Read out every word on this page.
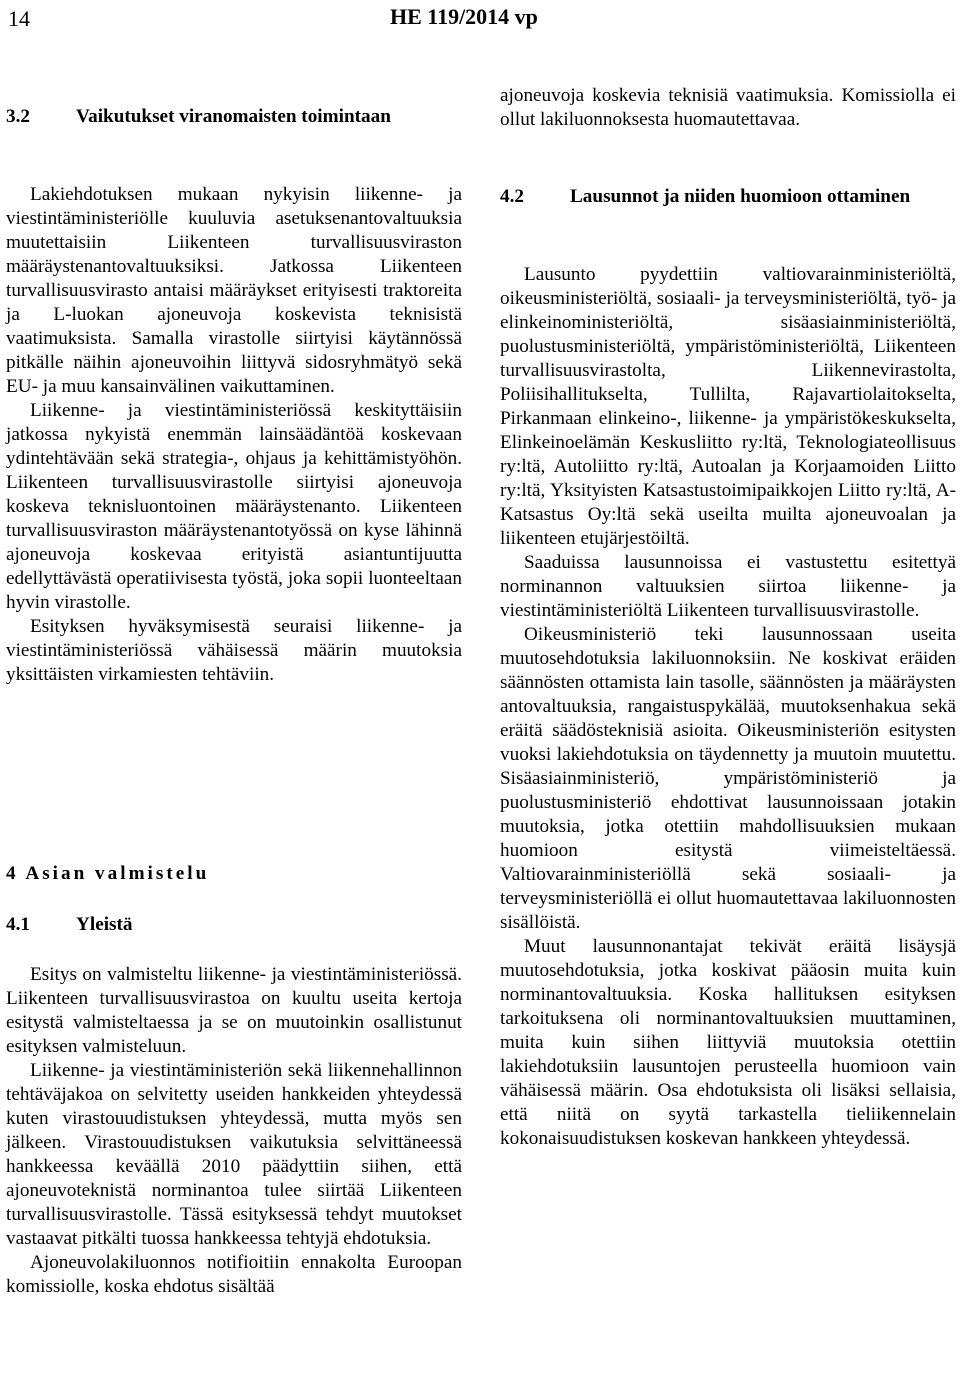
14	HE 119/2014 vp
3.2	Vaikutukset viranomaisten toimintaan

Lakiehdotuksen mukaan nykyisin liikenne- ja viestintäministeriölle kuuluvia asetuksenantovaltuuksia muutettaisiin Liikenteen turvallisuusviraston määräystenantovaltuuksiksi. Jatkossa Liikenteen turvallisuusvirasto antaisi määräykset erityisesti traktoreita ja L-luokan ajoneuvoja koskevista teknisistä vaatimuksista. Samalla virastolle siirtyisi käytännössä pitkälle näihin ajoneuvoihin liittyvä sidosryhmätyö sekä EU- ja muu kansainvälinen vaikuttaminen.

Liikenne- ja viestintäministeriössä keskityttäisiin jatkossa nykyistä enemmän lainsäädäntöä koskevaan ydintehtävään sekä strategia-, ohjaus ja kehittämistyöhön. Liikenteen turvallisuusvirastolle siirtyisi ajoneuvoja koskeva teknisluontoinen määräystenanto. Liikenteen turvallisuusviraston määräystenantotyössä on kyse lähinnä ajoneuvoja koskevaa erityistä asiantuntijuutta edellyttävästä operatiivisesta työstä, joka sopii luonteeltaan hyvin virastolle.

Esityksen hyväksymisestä seuraisi liikenne- ja viestintäministeriössä vähäisessä määrin muutoksia yksittäisten virkamiesten tehtäviin.

4 Asian valmistelu
4.1	Yleistä

Esitys on valmisteltu liikenne- ja viestintäministeriössä. Liikenteen turvallisuusvirastoa on kuultu useita kertoja esitystä valmisteltaessa ja se on muutoinkin osallistunut esityksen valmisteluun.

Liikenne- ja viestintäministeriön sekä liikennehallinnon tehtäväjakoa on selvitetty useiden hankkeiden yhteydessä kuten virastouudistuksen yhteydessä, mutta myös sen jälkeen. Virastouudistuksen vaikutuksia selvittäneessä hankkeessa keväällä 2010 päädyttiin siihen, että ajoneuvoteknistä norminantoa tulee siirtää Liikenteen turvallisuusvirastolle. Tässä esityksessä tehdyt muutokset vastaavat pitkälti tuossa hankkeessa tehtyjä ehdotuksia.

Ajoneuvolakiluonnos notifioitiin ennakolta Euroopan komissiolle, koska ehdotus sisältää

ajoneuvoja koskevia teknisiä vaatimuksia. Komissiolla ei ollut lakiluonnoksesta huomautettavaa.

4.2	Lausunnot ja niiden huomioon ottaminen

Lausunto pyydettiin valtiovarainministeriöltä, oikeusministeriöltä, sosiaali- ja terveysministeriöltä, työ- ja elinkeinoministeriöltä, sisäasiainministeriöltä, puolustusministeriöltä, ympäristöministeriöltä, Liikenteen turvallisuusvirastolta, Liikennevirastolta, Poliisihallitukselta, Tullilta, Rajavartiolaitokselta, Pirkanmaan elinkeino-, liikenne- ja ympäristökeskukselta, Elinkeinoelämän Keskusliitto ry:ltä, Teknologiateollisuus ry:ltä, Autoliitto ry:ltä, Autoalan ja Korjaamoiden Liitto ry:ltä, Yksityisten Katsastustoimipaikkojen Liitto ry:ltä, A-Katsastus Oy:ltä sekä useilta muilta ajoneuvoalan ja liikenteen etujärjestöiltä.

Saaduissa lausunnoissa ei vastustettu esitettyä norminannon valtuuksien siirtoa liikenne- ja viestintäministeriöltä Liikenteen turvallisuusvirastolle.

Oikeusministeriö teki lausunnossaan useita muutosehdotuksia lakiluonnoksiin. Ne koskivat eräiden säännösten ottamista lain tasolle, säännösten ja määräysten antovaltuuksia, rangaistuspykälää, muutoksenhakua sekä eräitä säädösteknisiä asioita. Oikeusministeriön esitysten vuoksi lakiehdotuksia on täydennetty ja muutoin muutettu. Sisäasiainministeriö, ympäristöministeriö ja puolustusministeriö ehdottivat lausunnoissaan jotakin muutoksia, jotka otettiin mahdollisuuksien mukaan huomioon esitystä viimeisteltäessä. Valtiovarainministeriöllä sekä sosiaali- ja terveysministeriöllä ei ollut huomautettavaa lakiluonnosten sisällöistä.

Muut lausunnonantajat tekivät eräitä lisäysjä muutosehdotuksia, jotka koskivat pääosin muita kuin norminantovaltuuksia. Koska hallituksen esityksen tarkoituksena oli norminantovaltuuksien muuttaminen, muita kuin siihen liittyviä muutoksia otettiin lakiehdotuksiin lausuntojen perusteella huomioon vain vähäisessä määrin. Osa ehdotuksista oli lisäksi sellaisia, että niitä on syytä tarkastella tieliikennelain kokonaisuudistuksen koskevan hankkeen yhteydessä.
